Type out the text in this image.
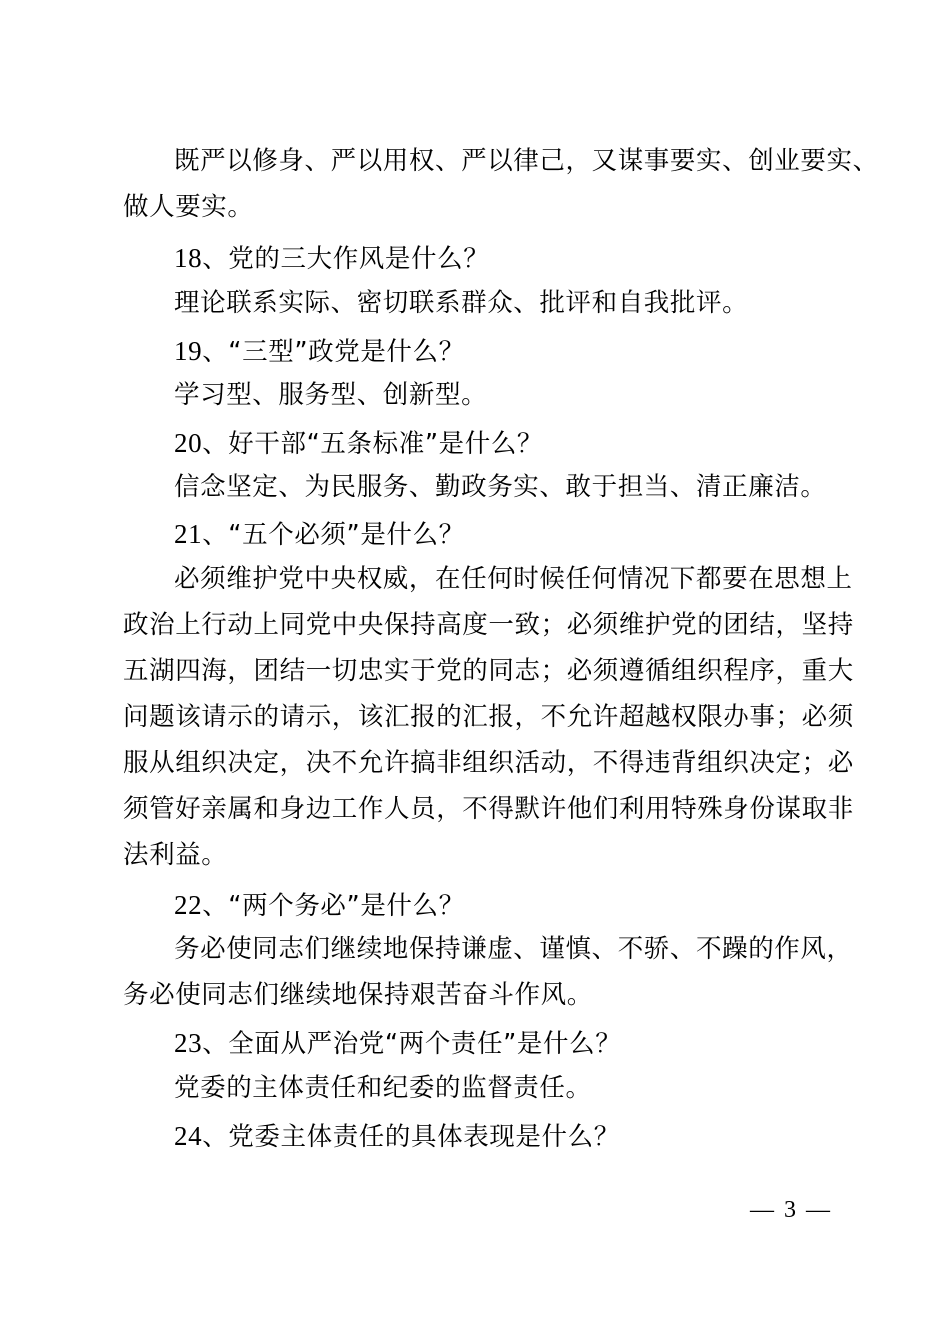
既严以修身、严以用权、严以律己，又谋事要实、创业要实、
做人要实。
18、党的三大作风是什么？
理论联系实际、密切联系群众、批评和自我批评。
19、“三型”政党是什么？
学习型、服务型、创新型。
20、好干部“五条标准”是什么？
信念坚定、为民服务、勤政务实、敢于担当、清正廉洁。
21、“五个必须”是什么？
必须维护党中央权威，在任何时候任何情况下都要在思想上
政治上行动上同党中央保持高度一致；必须维护党的团结，坚持
五湖四海，团结一切忠实于党的同志；必须遵循组织程序，重大
问题该请示的请示，该汇报的汇报，不允许超越权限办事；必须
服从组织决定，决不允许搞非组织活动，不得违背组织决定；必
须管好亲属和身边工作人员，不得默许他们利用特殊身份谋取非
法利益。
22、“两个务必”是什么？
务必使同志们继续地保持谦虚、谨慎、不骄、不躁的作风，
务必使同志们继续地保持艰苦奋斗作风。
23、全面从严治党“两个责任”是什么？
党委的主体责任和纪委的监督责任。
24、党委主体责任的具体表现是什么？
— 3 —
